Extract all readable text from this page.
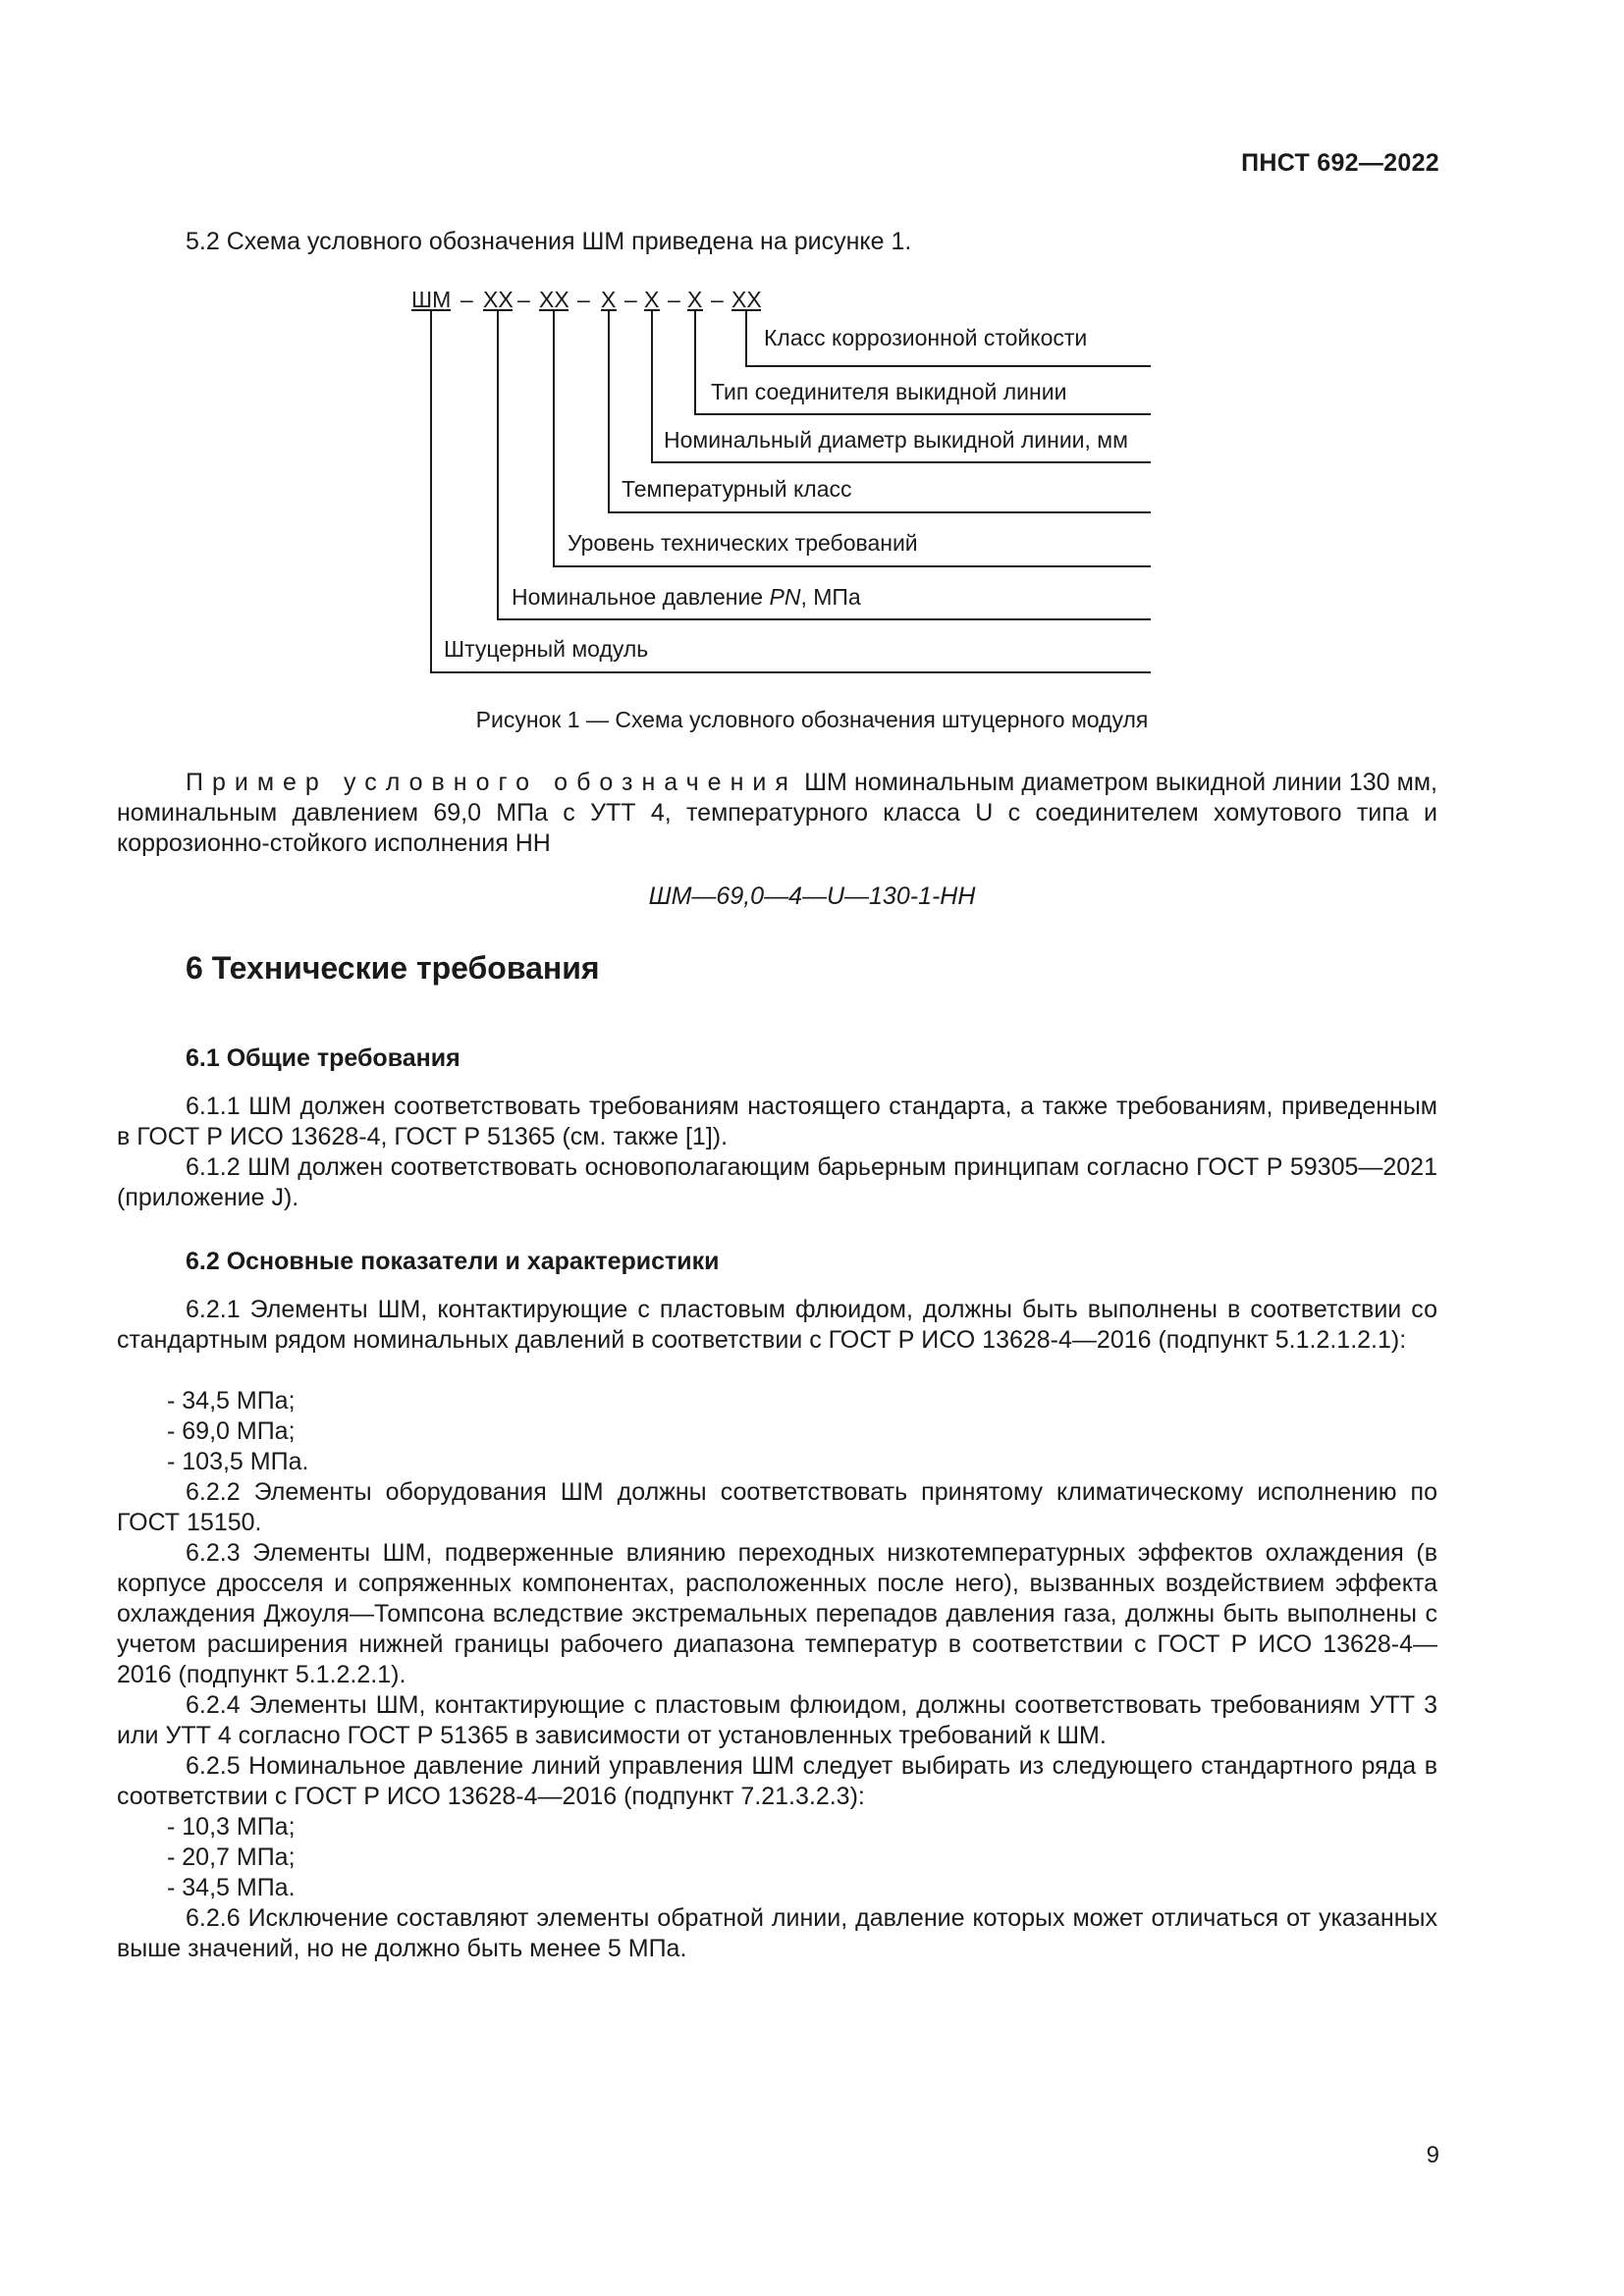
ПНСТ 692—2022

5.2 Схема условного обозначения ШМ приведена на рисунке 1.

ШМ – XX – XX – X – X – X – XX
Класс коррозионной стойкости
Тип соединителя выкидной линии
Номинальный диаметр выкидной линии, мм
Температурный класс
Уровень технических требований
Номинальное давление PN, МПа
Штуцерный модуль

Рисунок 1 — Схема условного обозначения штуцерного модуля

Пример условного обозначения ШМ номинальным диаметром выкидной линии 130 мм, номинальным давлением 69,0 МПа с УТТ 4, температурного класса U с соединителем хомутового типа и коррозионно-стойкого исполнения НН

ШМ—69,0—4—U—130-1-НН

6 Технические требования
6.1 Общие требования

6.1.1 ШМ должен соответствовать требованиям настоящего стандарта, а также требованиям, приведенным в ГОСТ Р ИСО 13628-4, ГОСТ Р 51365 (см. также [1]).

6.1.2 ШМ должен соответствовать основополагающим барьерным принципам согласно ГОСТ Р 59305—2021 (приложение J).

6.2 Основные показатели и характеристики

6.2.1 Элементы ШМ, контактирующие с пластовым флюидом, должны быть выполнены в соответствии со стандартным рядом номинальных давлений в соответствии с ГОСТ Р ИСО 13628-4—2016 (подпункт 5.1.2.1.2.1):

- 34,5 МПа;

- 69,0 МПа;

- 103,5 МПа.

6.2.2 Элементы оборудования ШМ должны соответствовать принятому климатическому исполнению по ГОСТ 15150.

6.2.3 Элементы ШМ, подверженные влиянию переходных низкотемпературных эффектов охлаждения (в корпусе дросселя и сопряженных компонентах, расположенных после него), вызванных воздействием эффекта охлаждения Джоуля—Томпсона вследствие экстремальных перепадов давления газа, должны быть выполнены с учетом расширения нижней границы рабочего диапазона температур в соответствии с ГОСТ Р ИСО 13628-4—2016 (подпункт 5.1.2.2.1).

6.2.4 Элементы ШМ, контактирующие с пластовым флюидом, должны соответствовать требованиям УТТ 3 или УТТ 4 согласно ГОСТ Р 51365 в зависимости от установленных требований к ШМ.

6.2.5 Номинальное давление линий управления ШМ следует выбирать из следующего стандартного ряда в соответствии с ГОСТ Р ИСО 13628-4—2016 (подпункт 7.21.3.2.3):

- 10,3 МПа;

- 20,7 МПа;

- 34,5 МПа.

6.2.6 Исключение составляют элементы обратной линии, давление которых может отличаться от указанных выше значений, но не должно быть менее 5 МПа.

9
